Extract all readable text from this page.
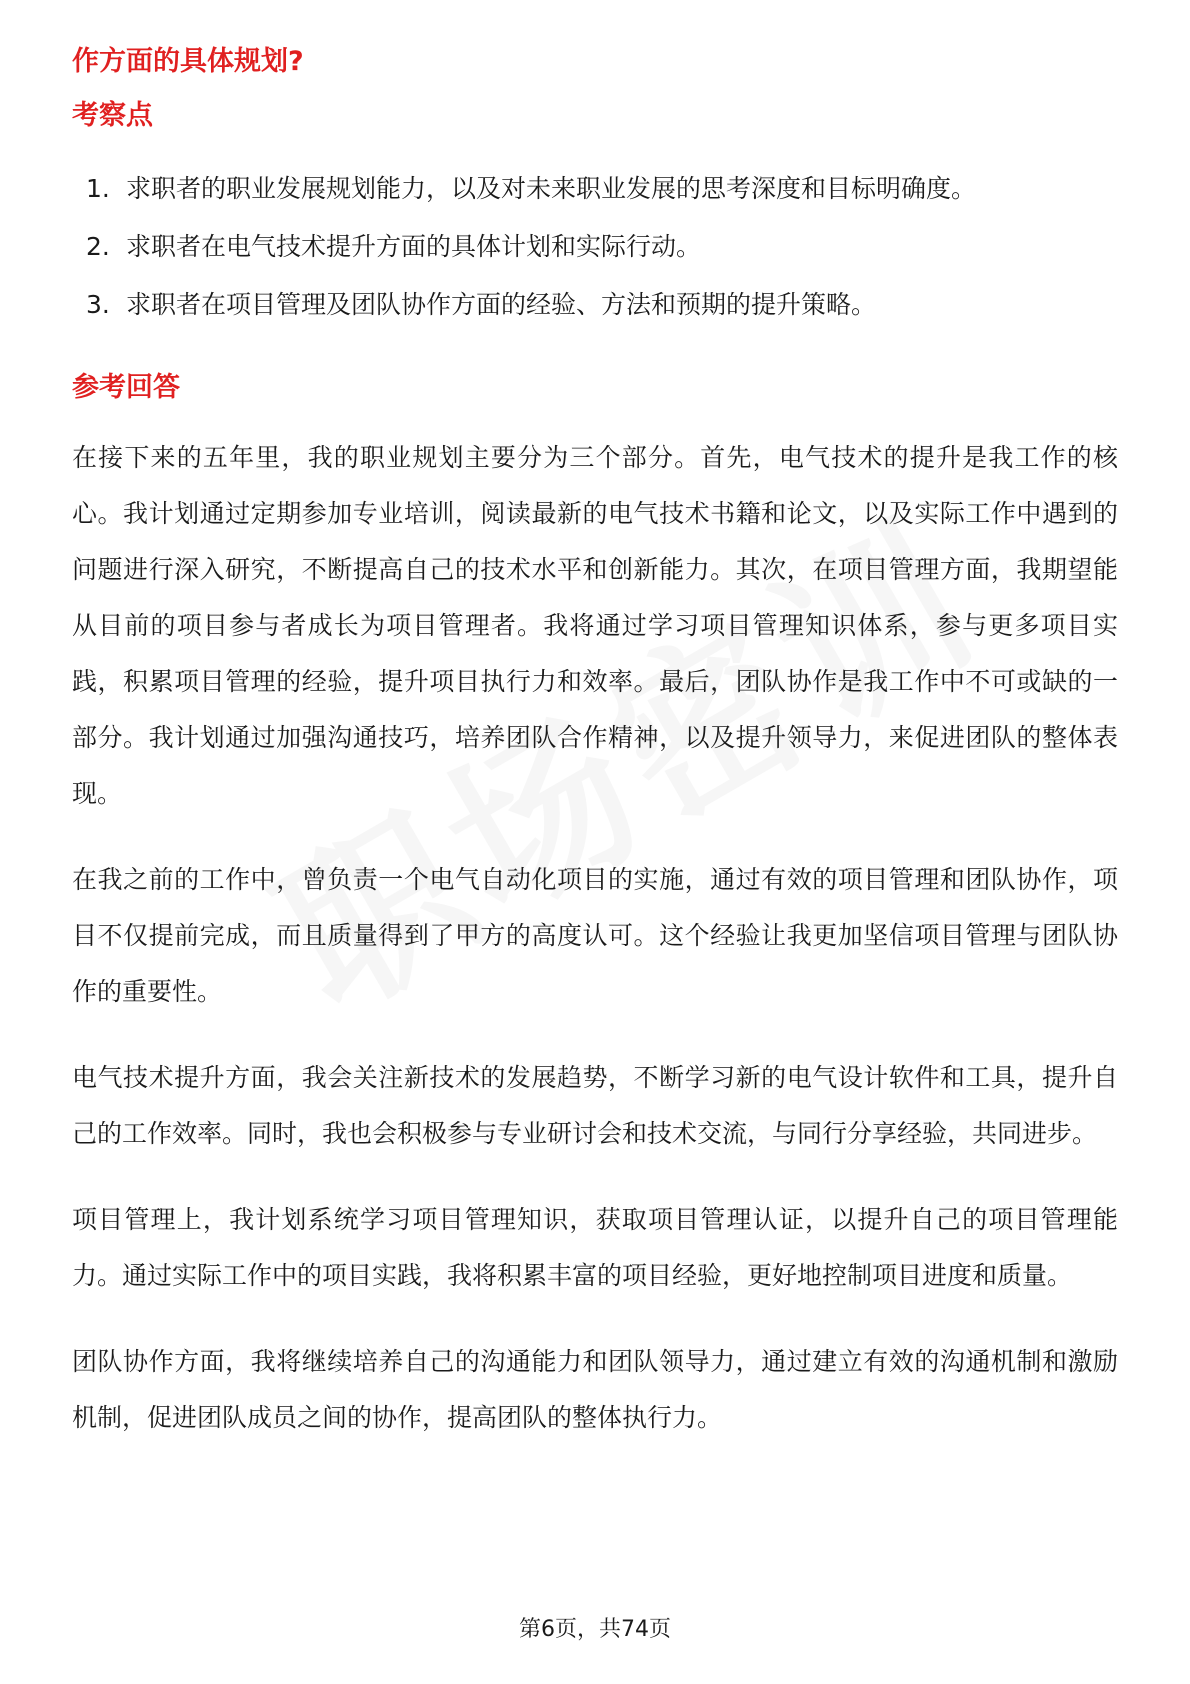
作方面的具体规划?
考察点
1. 求职者的职业发展规划能力，以及对未来职业发展的思考深度和目标明确度。
2. 求职者在电气技术提升方面的具体计划和实际行动。
3. 求职者在项目管理及团队协作方面的经验、方法和预期的提升策略。
参考回答

在接下来的五年里，我的职业规划主要分为三个部分。首先，电气技术的提升是我工作的核心。我计划通过定期参加专业培训，阅读最新的电气技术书籍和论文，以及实际工作中遇到的问题进行深入研究，不断提高自己的技术水平和创新能力。其次，在项目管理方面，我期望能从目前的项目参与者成长为项目管理者。我将通过学习项目管理知识体系，参与更多项目实践，积累项目管理的经验，提升项目执行力和效率。最后，团队协作是我工作中不可或缺的一部分。我计划通过加强沟通技巧，培养团队合作精神，以及提升领导力，来促进团队的整体表现。

在我之前的工作中，曾负责一个电气自动化项目的实施，通过有效的项目管理和团队协作，项目不仅提前完成，而且质量得到了甲方的高度认可。这个经验让我更加坚信项目管理与团队协作的重要性。

电气技术提升方面，我会关注新技术的发展趋势，不断学习新的电气设计软件和工具，提升自己的工作效率。同时，我也会积极参与专业研讨会和技术交流，与同行分享经验，共同进步。

项目管理上，我计划系统学习项目管理知识，获取项目管理认证，以提升自己的项目管理能力。通过实际工作中的项目实践，我将积累丰富的项目经验，更好地控制项目进度和质量。

团队协作方面，我将继续培养自己的沟通能力和团队领导力，通过建立有效的沟通机制和激励机制，促进团队成员之间的协作，提高团队的整体执行力。

第6页，共74页
